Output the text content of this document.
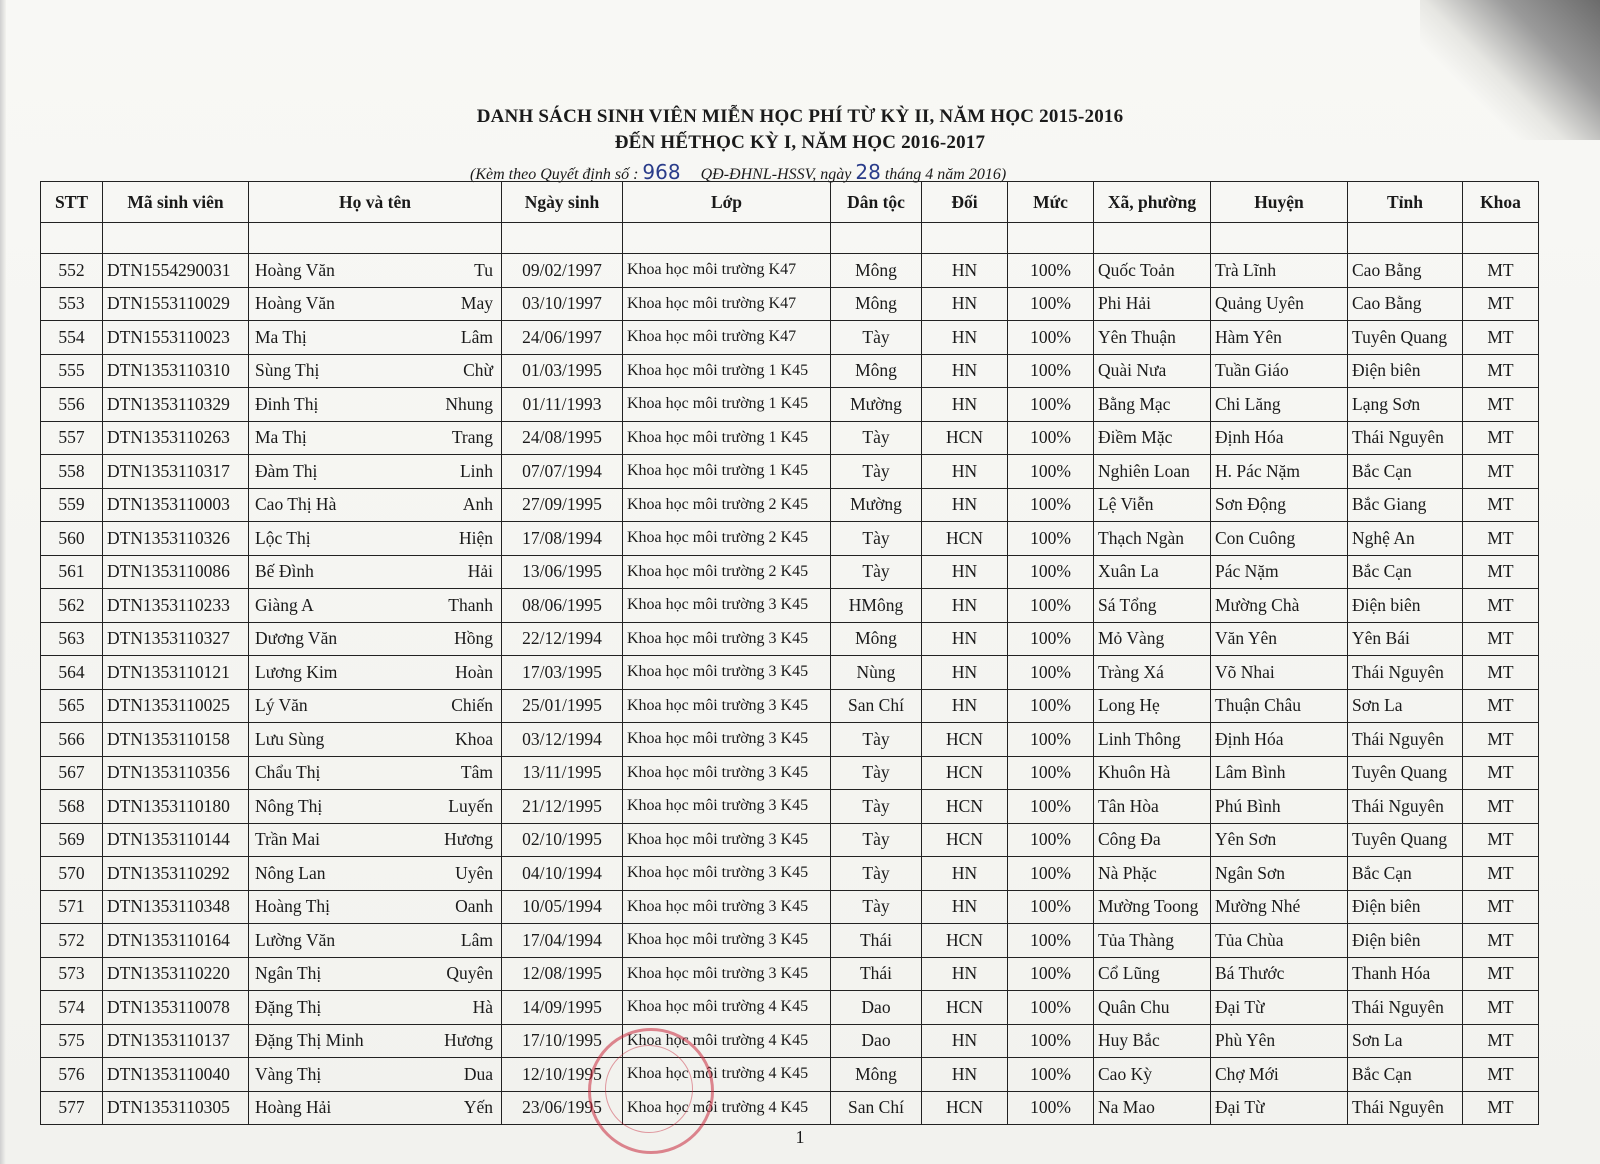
DANH SÁCH SINH VIÊN MIỄN HỌC PHÍ TỪ KỲ II, NĂM HỌC 2015-2016
ĐẾN HẾTHỌC KỲ I, NĂM HỌC 2016-2017
(Kèm theo Quyết định số : 968 QĐ-ĐHNL-HSSV, ngày 28 tháng 4 năm 2016)
STT	Mã sinh viên	Họ và tên	Ngày sinh	Lớp	Dân tộc	Đối	Mức	Xã, phường	Huyện	Tỉnh	Khoa

552	DTN1554290031	Hoàng Văn Tu	09/02/1997	Khoa học môi trường K47	Mông	HN	100%	Quốc Toản	Trà Lĩnh	Cao Bằng	MT
553	DTN1553110029	Hoàng Văn May	03/10/1997	Khoa học môi trường K47	Mông	HN	100%	Phi Hải	Quảng Uyên	Cao Bằng	MT
554	DTN1553110023	Ma Thị Lâm	24/06/1997	Khoa học môi trường K47	Tày	HN	100%	Yên Thuận	Hàm Yên	Tuyên Quang	MT
555	DTN1353110310	Sùng Thị Chừ	01/03/1995	Khoa học môi trường 1 K45	Mông	HN	100%	Quài Nưa	Tuần Giáo	Điện biên	MT
556	DTN1353110329	Đinh Thị Nhung	01/11/1993	Khoa học môi trường 1 K45	Mường	HN	100%	Bằng Mạc	Chi Lăng	Lạng Sơn	MT
557	DTN1353110263	Ma Thị Trang	24/08/1995	Khoa học môi trường 1 K45	Tày	HCN	100%	Điềm Mặc	Định Hóa	Thái Nguyên	MT
558	DTN1353110317	Đàm Thị Linh	07/07/1994	Khoa học môi trường 1 K45	Tày	HN	100%	Nghiên Loan	H. Pác Nặm	Bắc Cạn	MT
559	DTN1353110003	Cao Thị Hà Anh	27/09/1995	Khoa học môi trường 2 K45	Mường	HN	100%	Lệ Viễn	Sơn Động	Bắc Giang	MT
560	DTN1353110326	Lộc Thị Hiện	17/08/1994	Khoa học môi trường 2 K45	Tày	HCN	100%	Thạch Ngàn	Con Cuông	Nghệ An	MT
561	DTN1353110086	Bế Đình Hải	13/06/1995	Khoa học môi trường 2 K45	Tày	HN	100%	Xuân La	Pác Nặm	Bắc Cạn	MT
562	DTN1353110233	Giàng A Thanh	08/06/1995	Khoa học môi trường 3 K45	HMông	HN	100%	Sá Tổng	Mường Chà	Điện biên	MT
563	DTN1353110327	Dương Văn Hồng	22/12/1994	Khoa học môi trường 3 K45	Mông	HN	100%	Mỏ Vàng	Văn Yên	Yên Bái	MT
564	DTN1353110121	Lương Kim Hoàn	17/03/1995	Khoa học môi trường 3 K45	Nùng	HN	100%	Tràng Xá	Võ Nhai	Thái Nguyên	MT
565	DTN1353110025	Lý Văn Chiến	25/01/1995	Khoa học môi trường 3 K45	San Chí	HN	100%	Long Hẹ	Thuận Châu	Sơn La	MT
566	DTN1353110158	Lưu Sùng Khoa	03/12/1994	Khoa học môi trường 3 K45	Tày	HCN	100%	Linh Thông	Định Hóa	Thái Nguyên	MT
567	DTN1353110356	Chẩu Thị Tâm	13/11/1995	Khoa học môi trường 3 K45	Tày	HCN	100%	Khuôn Hà	Lâm Bình	Tuyên Quang	MT
568	DTN1353110180	Nông Thị Luyến	21/12/1995	Khoa học môi trường 3 K45	Tày	HCN	100%	Tân Hòa	Phú Bình	Thái Nguyên	MT
569	DTN1353110144	Trần Mai Hương	02/10/1995	Khoa học môi trường 3 K45	Tày	HCN	100%	Công Đa	Yên Sơn	Tuyên Quang	MT
570	DTN1353110292	Nông Lan Uyên	04/10/1994	Khoa học môi trường 3 K45	Tày	HN	100%	Nà Phặc	Ngân Sơn	Bắc Cạn	MT
571	DTN1353110348	Hoàng Thị Oanh	10/05/1994	Khoa học môi trường 3 K45	Tày	HN	100%	Mường Toong	Mường Nhé	Điện biên	MT
572	DTN1353110164	Lường Văn Lâm	17/04/1994	Khoa học môi trường 3 K45	Thái	HCN	100%	Tủa Thàng	Tủa Chùa	Điện biên	MT
573	DTN1353110220	Ngân Thị Quyên	12/08/1995	Khoa học môi trường 3 K45	Thái	HN	100%	Cổ Lũng	Bá Thước	Thanh Hóa	MT
574	DTN1353110078	Đặng Thị Hà	14/09/1995	Khoa học môi trường 4 K45	Dao	HCN	100%	Quân Chu	Đại Từ	Thái Nguyên	MT
575	DTN1353110137	Đặng Thị Minh Hương	17/10/1995	Khoa học môi trường 4 K45	Dao	HN	100%	Huy Bắc	Phù Yên	Sơn La	MT
576	DTN1353110040	Vàng Thị Dua	12/10/1995	Khoa học môi trường 4 K45	Mông	HN	100%	Cao Kỳ	Chợ Mới	Bắc Cạn	MT
577	DTN1353110305	Hoàng Hải Yến	23/06/1995	Khoa học môi trường 4 K45	San Chí	HCN	100%	Na Mao	Đại Từ	Thái Nguyên	MT
1
